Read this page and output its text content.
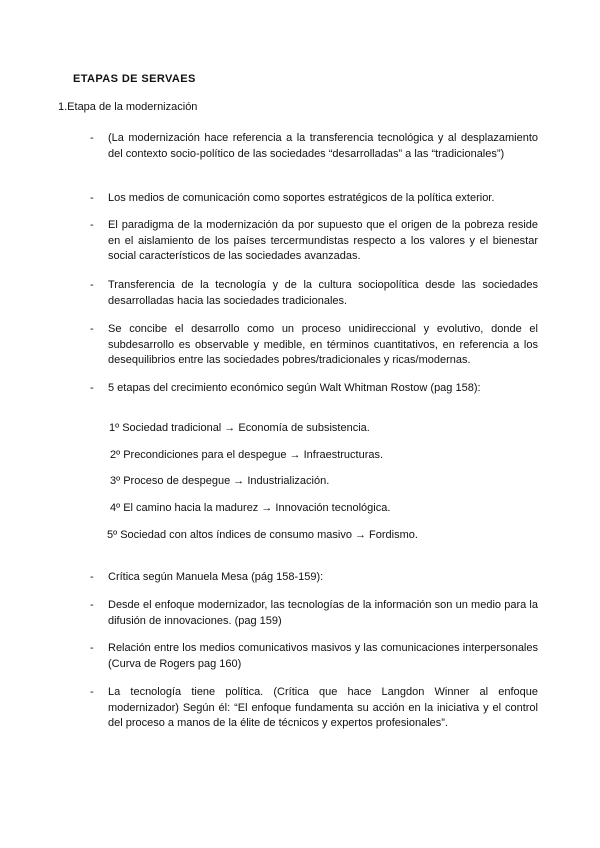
ETAPAS DE SERVAES
1.Etapa de la modernización
-	(La modernización hace referencia a la transferencia tecnológica y al desplazamiento del contexto socio-político de las sociedades “desarrolladas” a las “tradicionales”)
-	Los medios de comunicación como soportes estratégicos de la política exterior.
-	El paradigma de la modernización da por supuesto que el origen de la pobreza reside en el aislamiento de los países tercermundistas respecto a los valores y el bienestar social característicos de las sociedades avanzadas.
-	Transferencia de la tecnología y de la cultura sociopolítica desde las sociedades desarrolladas hacia las sociedades tradicionales.
-	Se concibe el desarrollo como un proceso unidireccional y evolutivo, donde el subdesarrollo es observable y medible, en términos cuantitativos, en referencia a los desequilibrios entre las sociedades pobres/tradicionales y ricas/modernas.
-	5 etapas del crecimiento económico según Walt Whitman Rostow (pag 158):
1º Sociedad tradicional → Economía de subsistencia.
2º Precondiciones para el despegue → Infraestructuras.
3º Proceso de despegue → Industrialización.
4º El camino hacia la madurez → Innovación tecnológica.
5º Sociedad con altos índices de consumo masivo → Fordismo.
-	Crítica según Manuela Mesa (pág 158-159):
-	Desde el enfoque modernizador, las tecnologías de la información son un medio para la difusión de innovaciones. (pag 159)
-	Relación entre los medios comunicativos masivos y las comunicaciones interpersonales (Curva de Rogers pag 160)
-	La tecnología tiene política. (Crítica que hace Langdon Winner al enfoque modernizador) Según él: “El enfoque fundamenta su acción en la iniciativa y el control del proceso a manos de la élite de técnicos y expertos profesionales”.
